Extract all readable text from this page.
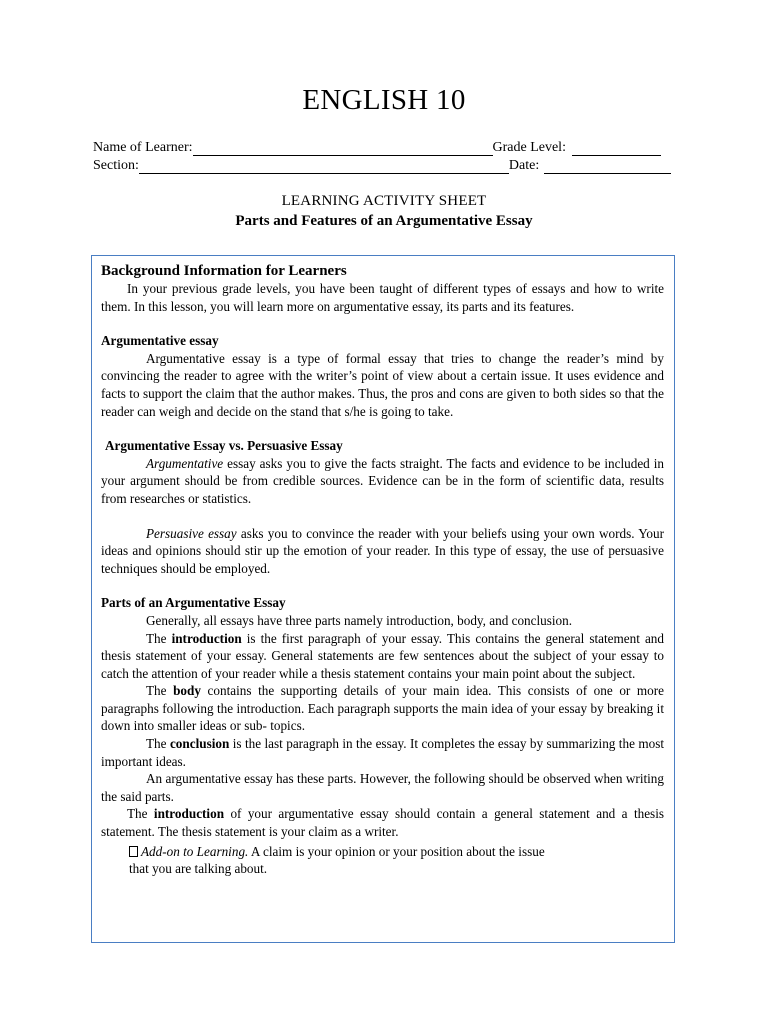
ENGLISH 10
Name of Learner:	Grade Level:
Section:	Date:
LEARNING ACTIVITY SHEET
Parts and Features of an Argumentative Essay

Background Information for Learners

In your previous grade levels, you have been taught of different types of essays and how to write them. In this lesson, you will learn more on argumentative essay, its parts and its features.

Argumentative essay

Argumentative essay is a type of formal essay that tries to change the reader’s mind by convincing the reader to agree with the writer’s point of view about a certain issue. It uses evidence and facts to support the claim that the author makes. Thus, the pros and cons are given to both sides so that the reader can weigh and decide on the stand that s/he is going to take.

Argumentative Essay vs. Persuasive Essay

Argumentative essay asks you to give the facts straight. The facts and evidence to be included in your argument should be from credible sources. Evidence can be in the form of scientific data, results from researches or statistics.

Persuasive essay asks you to convince the reader with your beliefs using your own words. Your ideas and opinions should stir up the emotion of your reader. In this type of essay, the use of persuasive techniques should be employed.

Parts of an Argumentative Essay

Generally, all essays have three parts namely introduction, body, and conclusion.

The introduction is the first paragraph of your essay. This contains the general statement and thesis statement of your essay. General statements are few sentences about the subject of your essay to catch the attention of your reader while a thesis statement contains your main point about the subject.

The body contains the supporting details of your main idea. This consists of one or more paragraphs following the introduction. Each paragraph supports the main idea of your essay by breaking it down into smaller ideas or sub- topics.

The conclusion is the last paragraph in the essay. It completes the essay by summarizing the most important ideas.

An argumentative essay has these parts. However, the following should be observed when writing the said parts.

The introduction of your argumentative essay should contain a general statement and a thesis statement. The thesis statement is your claim as a writer.

Add-on to Learning. A claim is your opinion or your position about the issue

that you are talking about.
